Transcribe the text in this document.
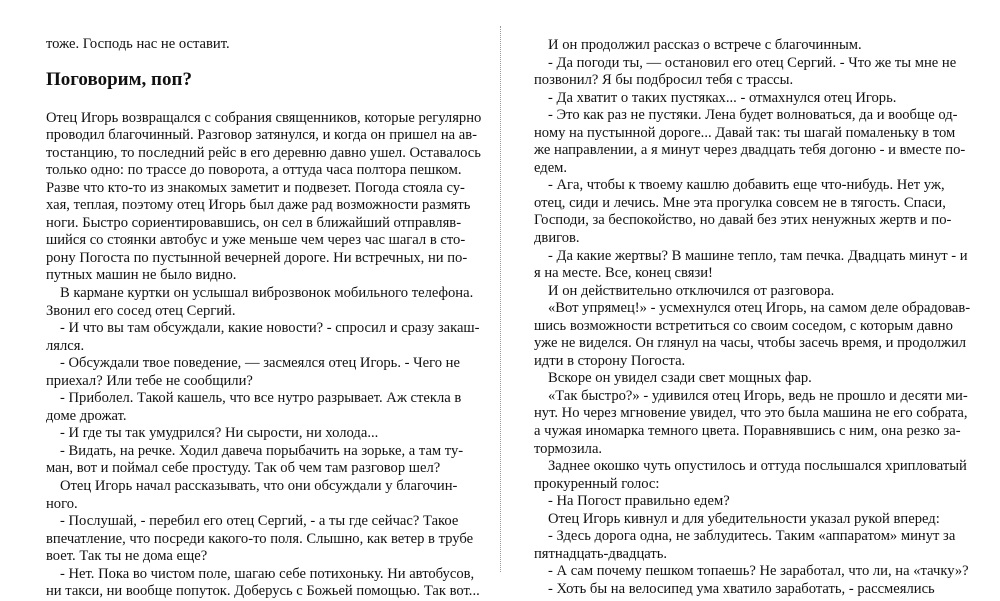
тоже. Господь нас не оставит.
Поговорим, поп?
Отец Игорь возвращался с собрания священников, которые регулярно
проводил благочинный. Разговор затянулся, и когда он пришел на ав-
тостанцию, то последний рейс в его деревню давно ушел. Оставалось
только одно: по трассе до поворота, а оттуда часа полтора пешком.
Разве что кто-то из знакомых заметит и подвезет. Погода стояла су-
хая, теплая, поэтому отец Игорь был даже рад возможности размять
ноги. Быстро сориентировавшись, он сел в ближайший отправляв-
шийся со стоянки автобус и уже меньше чем через час шагал в сто-
рону Погоста по пустынной вечерней дороге. Ни встречных, ни по-
путных машин не было видно.
В кармане куртки он услышал виброзвонок мобильного телефона.
Звонил его сосед отец Сергий.
- И что вы там обсуждали, какие новости? - спросил и сразу закаш-
лялся.
- Обсуждали твое поведение, — засмеялся отец Игорь. - Чего не
приехал? Или тебе не сообщили?
- Приболел. Такой кашель, что все нутро разрывает. Аж стекла в
доме дрожат.
- И где ты так умудрился? Ни сырости, ни холода...
- Видать, на речке. Ходил давеча порыбачить на зорьке, а там ту-
ман, вот и поймал себе простуду. Так об чем там разговор шел?
Отец Игорь начал рассказывать, что они обсуждали у благочин-
ного.
- Послушай, - перебил его отец Сергий, - а ты где сейчас? Такое
впечатление, что посреди какого-то поля. Слышно, как ветер в трубе
воет. Так ты не дома еще?
- Нет. Пока во чистом поле, шагаю себе потихоньку. Ни автобусов,
ни такси, ни вообще попуток. Доберусь с Божьей помощью. Так вот...
И он продолжил рассказ о встрече с благочинным.
- Да погоди ты, — остановил его отец Сергий. - Что же ты мне не
позвонил? Я бы подбросил тебя с трассы.
- Да хватит о таких пустяках... - отмахнулся отец Игорь.
- Это как раз не пустяки. Лена будет волноваться, да и вообще од-
ному на пустынной дороге... Давай так: ты шагай помаленьку в том
же направлении, а я минут через двадцать тебя догоню - и вместе по-
едем.
- Ага, чтобы к твоему кашлю добавить еще что-нибудь. Нет уж,
отец, сиди и лечись. Мне эта прогулка совсем не в тягость. Спаси,
Господи, за беспокойство, но давай без этих ненужных жертв и по-
двигов.
- Да какие жертвы? В машине тепло, там печка. Двадцать минут - и
я на месте. Все, конец связи!
И он действительно отключился от разговора.
«Вот упрямец!» - усмехнулся отец Игорь, на самом деле обрадовав-
шись возможности встретиться со своим соседом, с которым давно
уже не виделся. Он глянул на часы, чтобы засечь время, и продолжил
идти в сторону Погоста.
Вскоре он увидел сзади свет мощных фар.
«Так быстро?» - удивился отец Игорь, ведь не прошло и десяти ми-
нут. Но через мгновение увидел, что это была машина не его собрата,
а чужая иномарка темного цвета. Поравнявшись с ним, она резко за-
тормозила.
Заднее окошко чуть опустилось и оттуда послышался хрипловатый
прокуренный голос:
- На Погост правильно едем?
Отец Игорь кивнул и для убедительности указал рукой вперед:
- Здесь дорога одна, не заблудитесь. Таким «аппаратом» минут за
пятнадцать-двадцать.
- А сам почему пешком топаешь? Не заработал, что ли, на «тачку»?
- Хоть бы на велосипед ума хватило заработать, - рассмеялись
